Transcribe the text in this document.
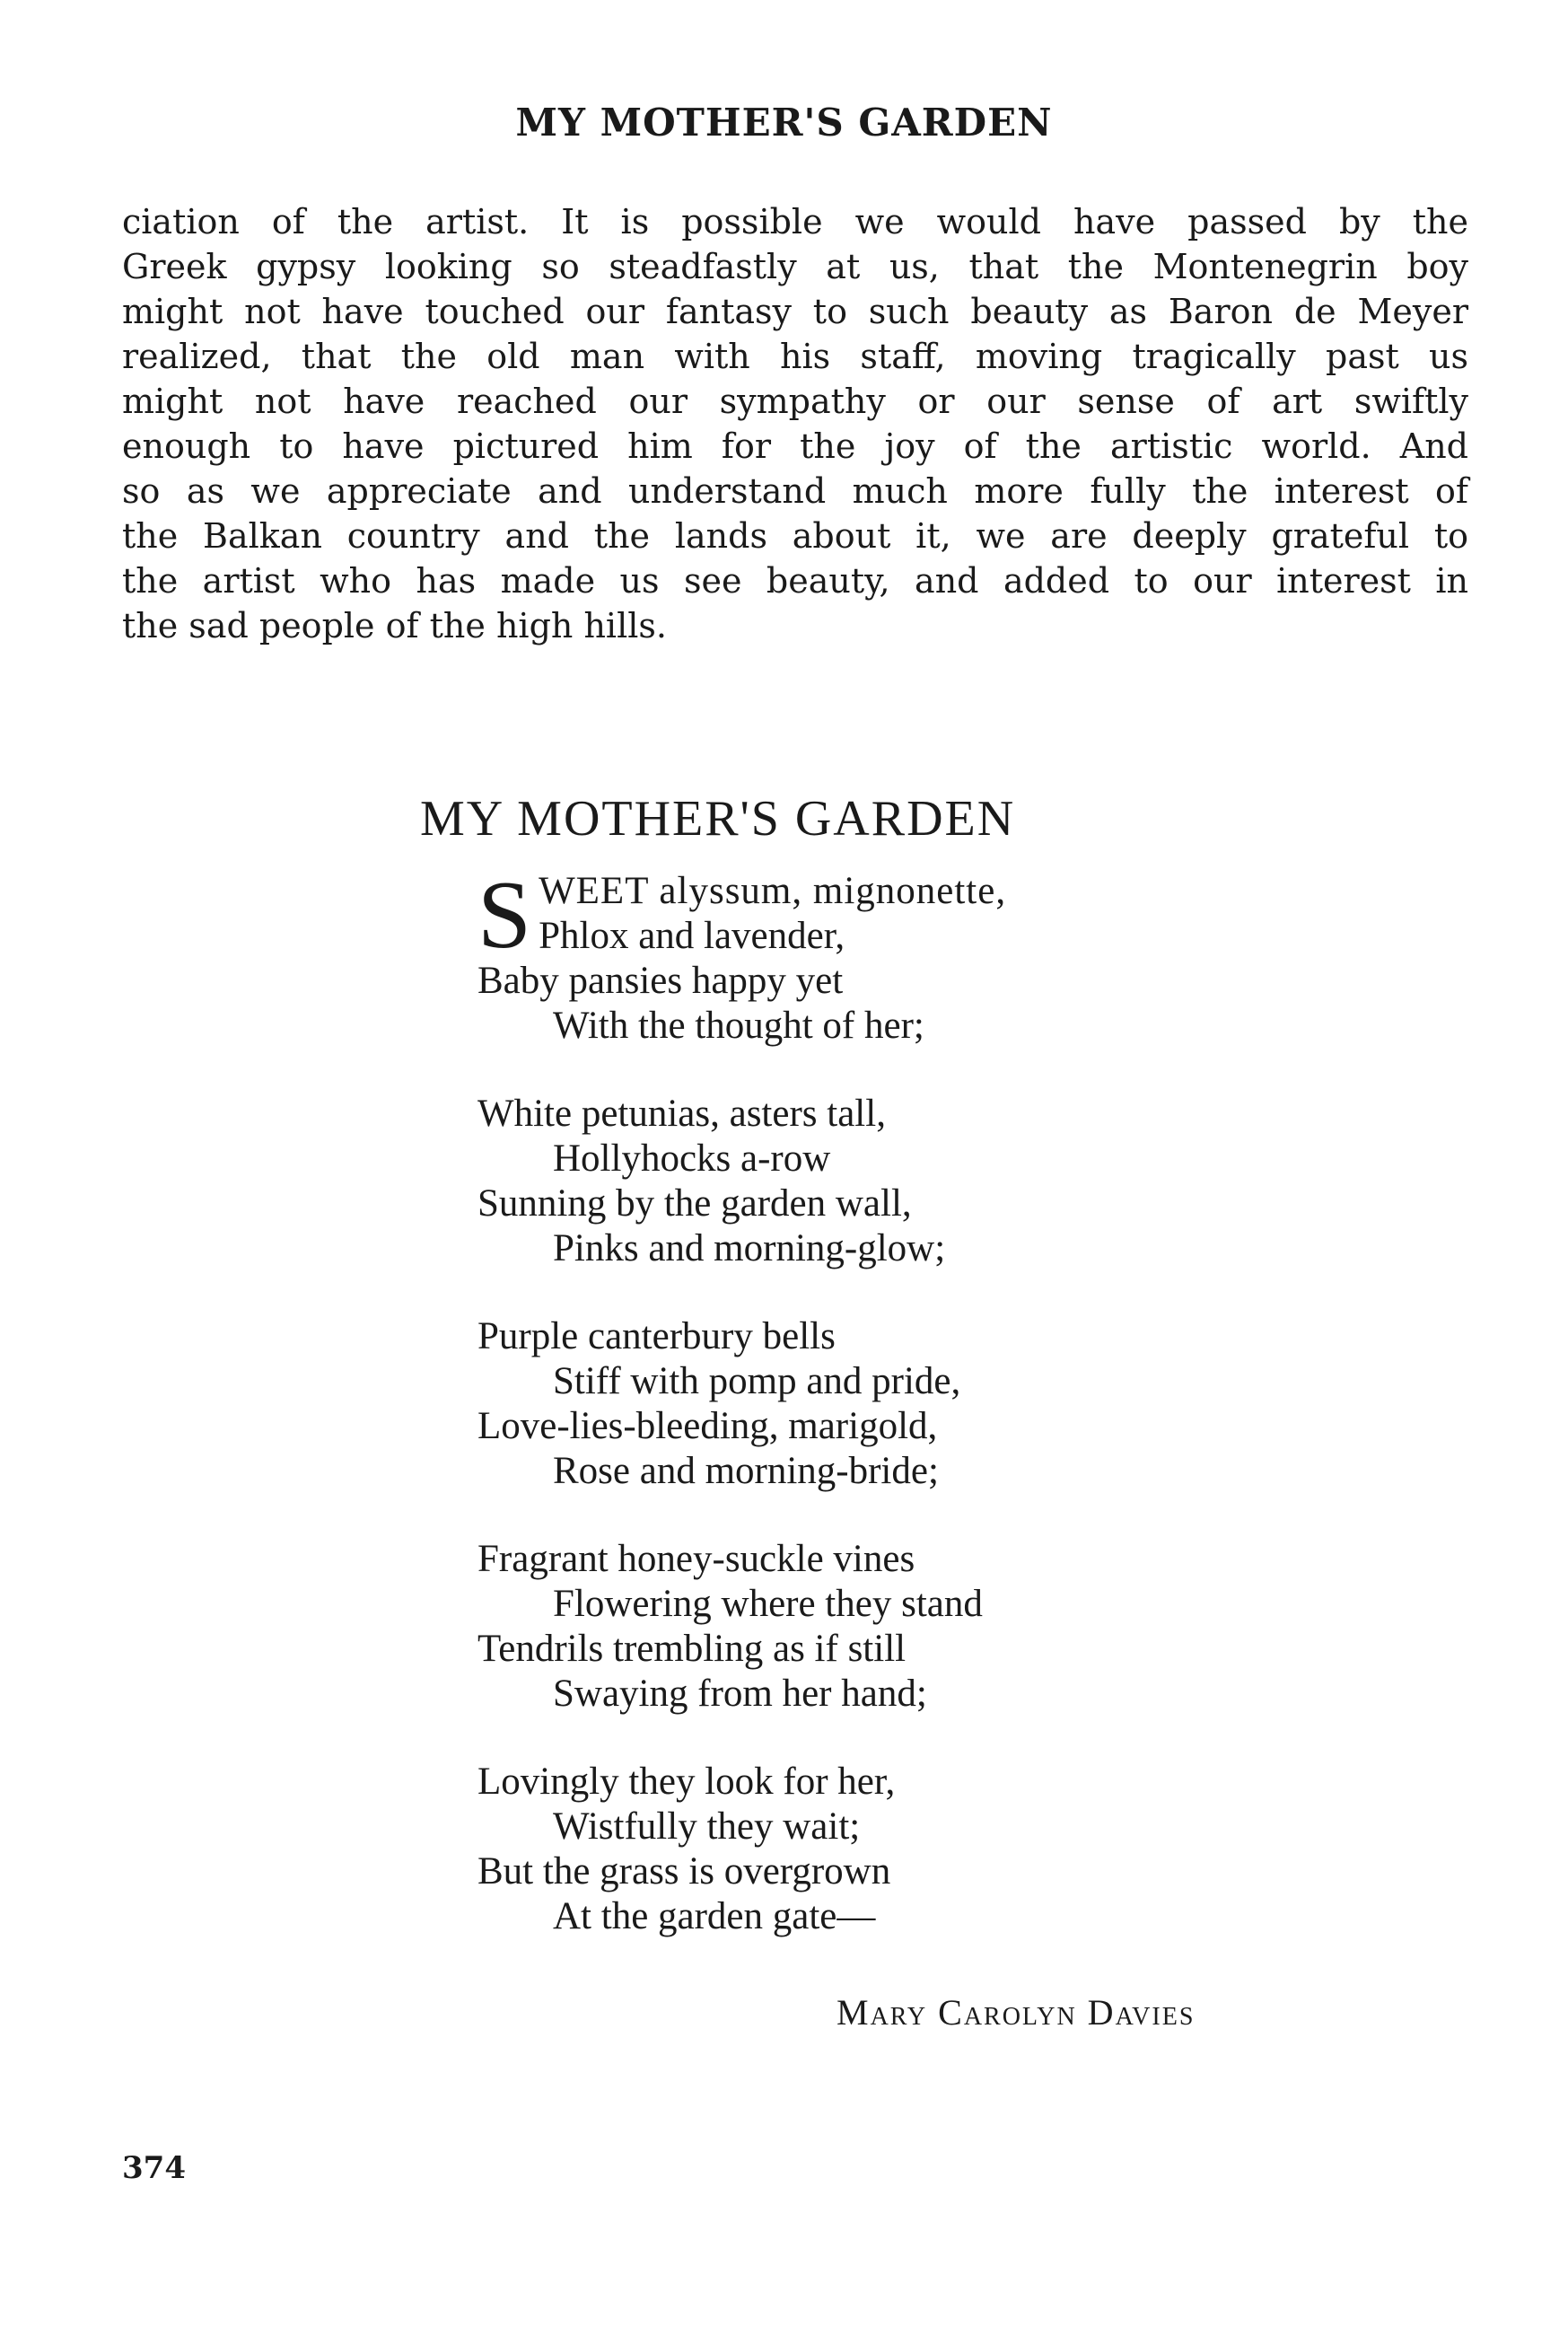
MY MOTHER'S GARDEN
ciation of the artist. It is possible we would have passed by the
Greek gypsy looking so steadfastly at us, that the Montenegrin boy
might not have touched our fantasy to such beauty as Baron de Meyer
realized, that the old man with his staff, moving tragically past us
might not have reached our sympathy or our sense of art swiftly
enough to have pictured him for the joy of the artistic world. And
so as we appreciate and understand much more fully the interest of
the Balkan country and the lands about it, we are deeply grateful to
the artist who has made us see beauty, and added to our interest in
the sad people of the high hills.
MY MOTHER'S GARDEN
S WEET alyssum, mignonette,
Phlox and lavender,
Baby pansies happy yet
With the thought of her;
White petunias, asters tall,
Hollyhocks a-row
Sunning by the garden wall,
Pinks and morning-glow;
Purple canterbury bells
Stiff with pomp and pride,
Love-lies-bleeding, marigold,
Rose and morning-bride;
Fragrant honey-suckle vines
Flowering where they stand
Tendrils trembling as if still
Swaying from her hand;
Lovingly they look for her,
Wistfully they wait;
But the grass is overgrown
At the garden gate—
Mary Carolyn Davies
374
